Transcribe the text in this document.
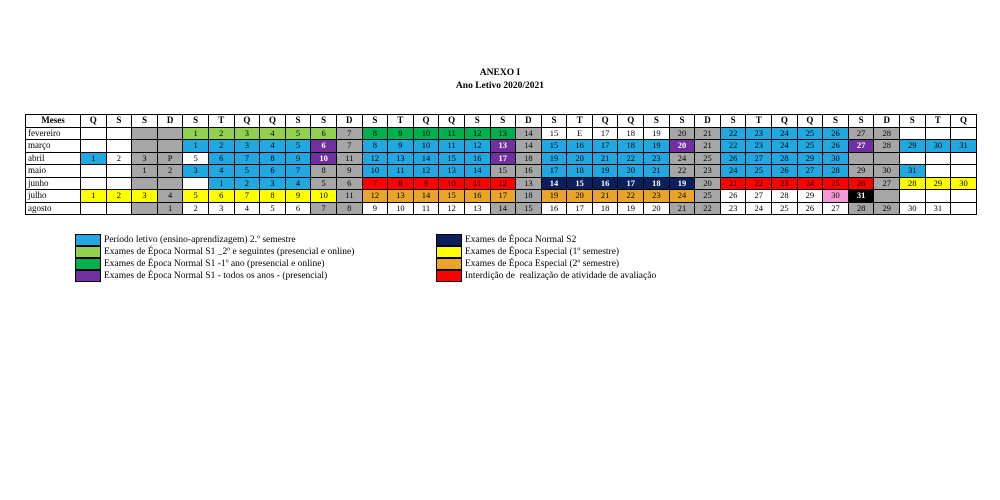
ANEXO I
Ano Letivo 2020/2021
Meses	Q	S	S	D	S	T	Q	Q	S	S	D	S	T	Q	Q	S	S	D	S	T	Q	Q	S	S	D	S	T	Q	Q	S	S	D	S	T	Q
fevereiro					1	2	3	4	5	6	7	8	9	10	11	12	13	14	15	E	17	18	19	20	21	22	23	24	25	26	27	28			
março					1	2	3	4	5	6	7	8	9	10	11	12	13	14	15	16	17	18	19	20	21	22	23	24	25	26	27	28	29	30	31
abril	1	2	3	P	5	6	7	8	9	10	11	12	13	14	15	16	17	18	19	20	21	22	23	24	25	26	27	28	29	30					
maio			1	2	3	4	5	6	7	8	9	10	11	12	13	14	15	16	17	18	19	20	21	22	23	24	25	26	27	28	29	30	31		
junho						1	2	3	4	5	6	7	8	9	10	11	12	13	14	15	16	17	18	19	20	21	22	23	24	25	26	27	28	29	30
julho	1	2	3	4	5	6	7	8	9	10	11	12	13	14	15	16	17	18	19	20	21	22	23	24	25	26	27	28	29	30	31				
agosto				1	2	3	4	5	6	7	8	9	10	11	12	13	14	15	16	17	18	19	20	21	22	23	24	25	26	27	28	29	30	31	
Período letivo (ensino-aprendizagem) 2.º semestre
Exames de Época Normal S1 _2º e seguintes (presencial e online)
Exames de Época Normal S1 -1º ano (presencial e online)
Exames de Época Normal S1 - todos os anos - (presencial)
Exames de Época Normal S2
Exames de Época Especial (1º semestre)
Exames de Época Especial (2º semestre)
Interdição de  realização de atividade de avaliação
